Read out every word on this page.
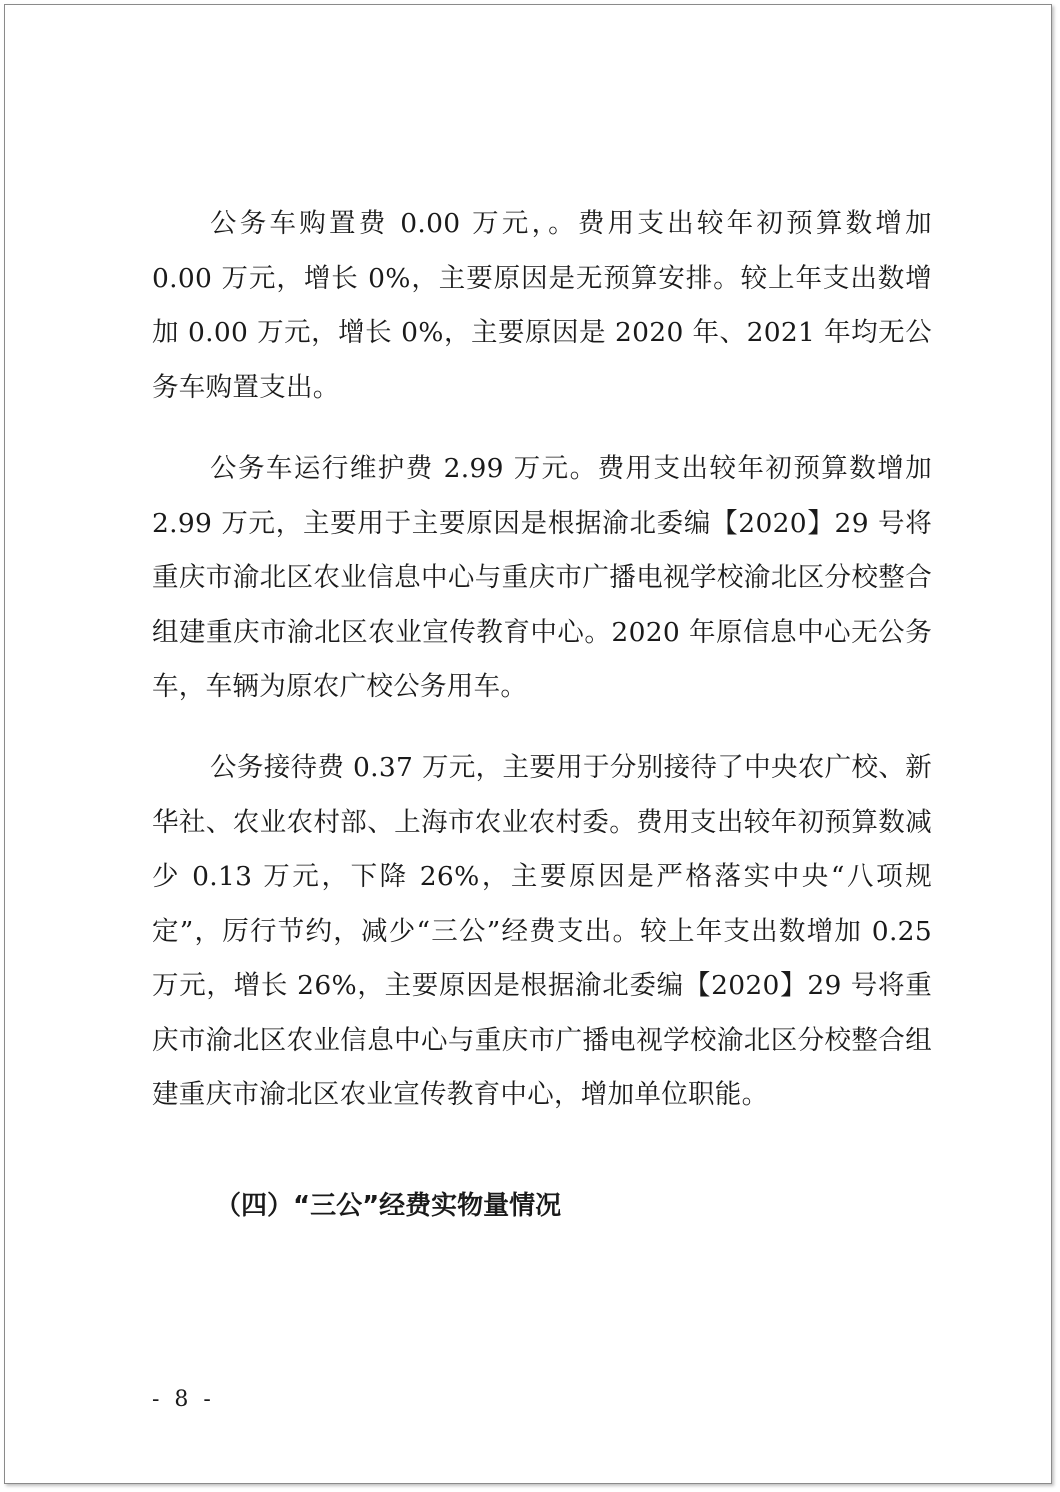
公务车购置费 0.00 万元，。费用支出较年初预算数增加 0.00 万元，增长 0%，主要原因是无预算安排。较上年支出数增加 0.00 万元，增长 0%，主要原因是 2020 年、2021 年均无公务车购置支出。

公务车运行维护费 2.99 万元。费用支出较年初预算数增加 2.99 万元，主要用于主要原因是根据渝北委编【2020】29 号将重庆市渝北区农业信息中心与重庆市广播电视学校渝北区分校整合组建重庆市渝北区农业宣传教育中心。2020 年原信息中心无公务车，车辆为原农广校公务用车。

公务接待费 0.37 万元，主要用于分别接待了中央农广校、新华社、农业农村部、上海市农业农村委。费用支出较年初预算数减少 0.13 万元，下降 26%，主要原因是严格落实中央“八项规定”，厉行节约，减少“三公”经费支出。较上年支出数增加 0.25 万元，增长 26%，主要原因是根据渝北委编【2020】29 号将重庆市渝北区农业信息中心与重庆市广播电视学校渝北区分校整合组建重庆市渝北区农业宣传教育中心，增加单位职能。

（四）“三公”经费实物量情况
- 8 -
